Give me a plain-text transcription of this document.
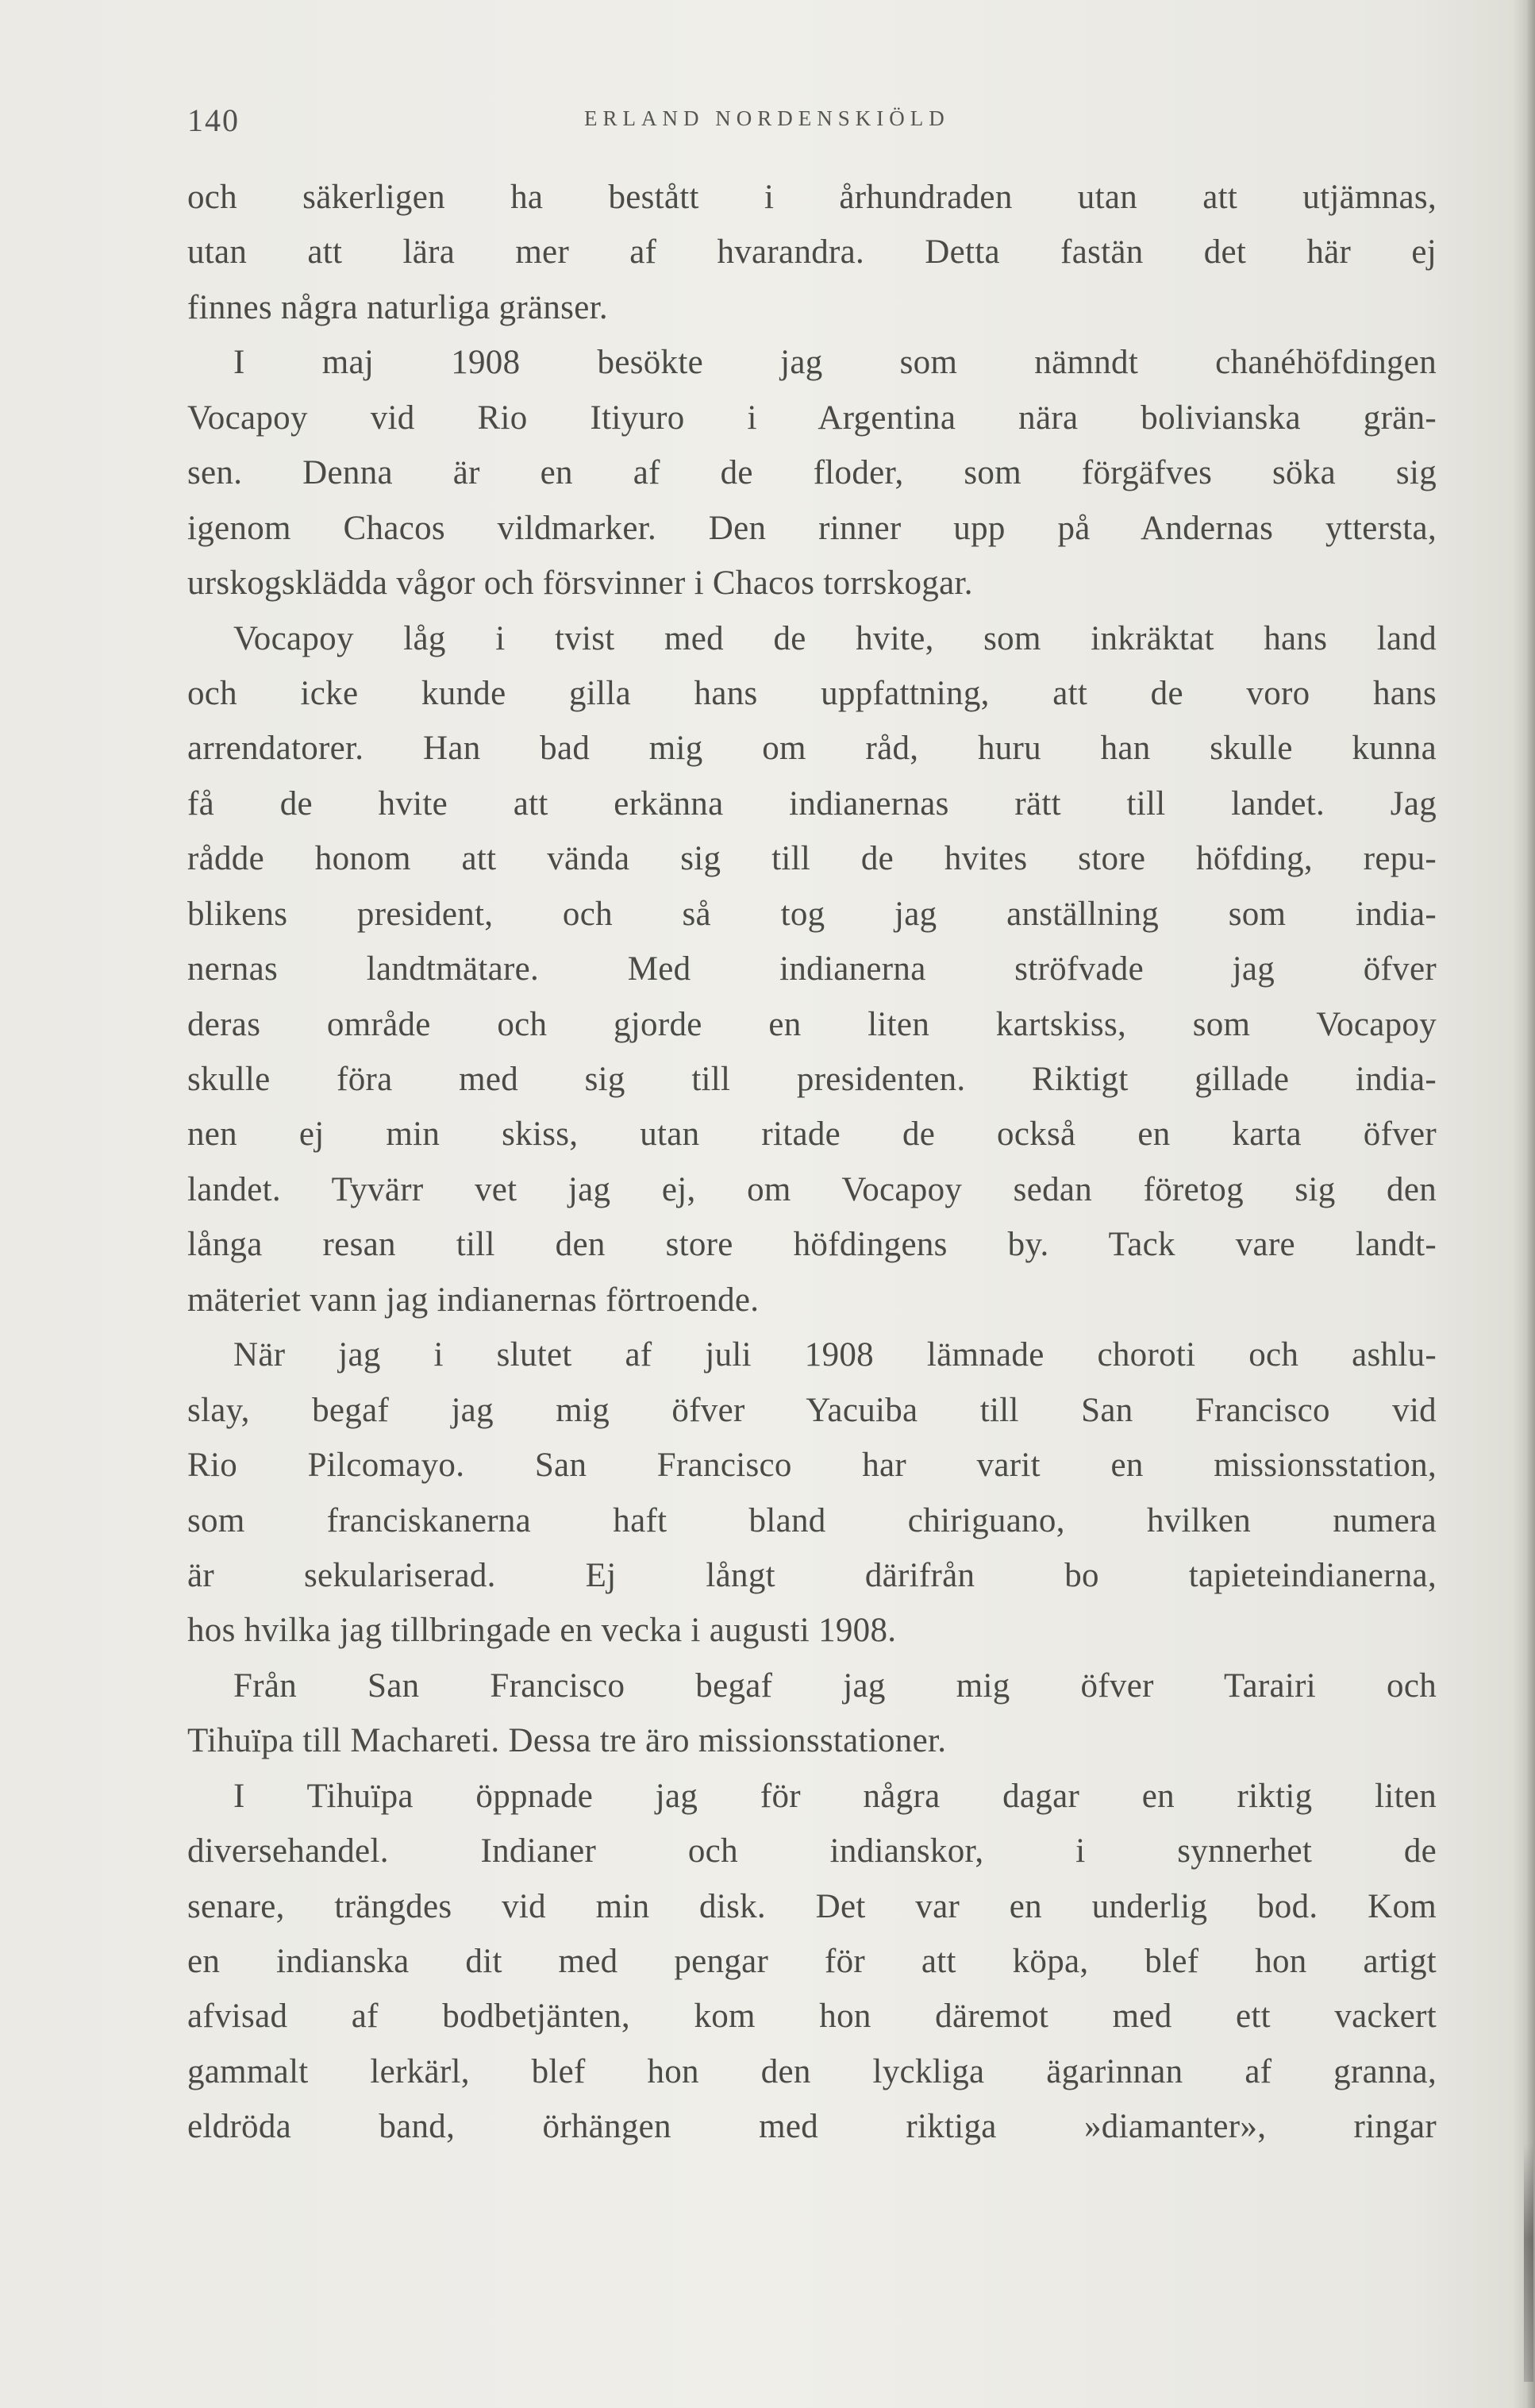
140	ERLAND NORDENSKIÖLD
och säkerligen ha bestått i århundraden utan att utjämnas,
utan att lära mer af hvarandra. Detta fastän det här ej
finnes några naturliga gränser.
I maj 1908 besökte jag som nämndt chanéhöfdingen
Vocapoy vid Rio Itiyuro i Argentina nära bolivianska grän-
sen. Denna är en af de floder, som förgäfves söka sig
igenom Chacos vildmarker. Den rinner upp på Andernas yttersta,
urskogsklädda vågor och försvinner i Chacos torrskogar.
Vocapoy låg i tvist med de hvite, som inkräktat hans land
och icke kunde gilla hans uppfattning, att de voro hans
arrendatorer. Han bad mig om råd, huru han skulle kunna
få de hvite att erkänna indianernas rätt till landet. Jag
rådde honom att vända sig till de hvites store höfding, repu-
blikens president, och så tog jag anställning som india-
nernas landtmätare. Med indianerna ströfvade jag öfver
deras område och gjorde en liten kartskiss, som Vocapoy
skulle föra med sig till presidenten. Riktigt gillade india-
nen ej min skiss, utan ritade de också en karta öfver
landet. Tyvärr vet jag ej, om Vocapoy sedan företog sig den
långa resan till den store höfdingens by. Tack vare landt-
mäteriet vann jag indianernas förtroende.
När jag i slutet af juli 1908 lämnade choroti och ashlu-
slay, begaf jag mig öfver Yacuiba till San Francisco vid
Rio Pilcomayo. San Francisco har varit en missionsstation,
som franciskanerna haft bland chiriguano, hvilken numera
är sekulariserad. Ej långt därifrån bo tapieteindianerna,
hos hvilka jag tillbringade en vecka i augusti 1908.
Från San Francisco begaf jag mig öfver Tarairi och
Tihuïpa till Machareti. Dessa tre äro missionsstationer.
I Tihuïpa öppnade jag för några dagar en riktig liten
diversehandel. Indianer och indianskor, i synnerhet de
senare, trängdes vid min disk. Det var en underlig bod. Kom
en indianska dit med pengar för att köpa, blef hon artigt
afvisad af bodbetjänten, kom hon däremot med ett vackert
gammalt lerkärl, blef hon den lyckliga ägarinnan af granna,
eldröda band, örhängen med riktiga »diamanter», ringar
